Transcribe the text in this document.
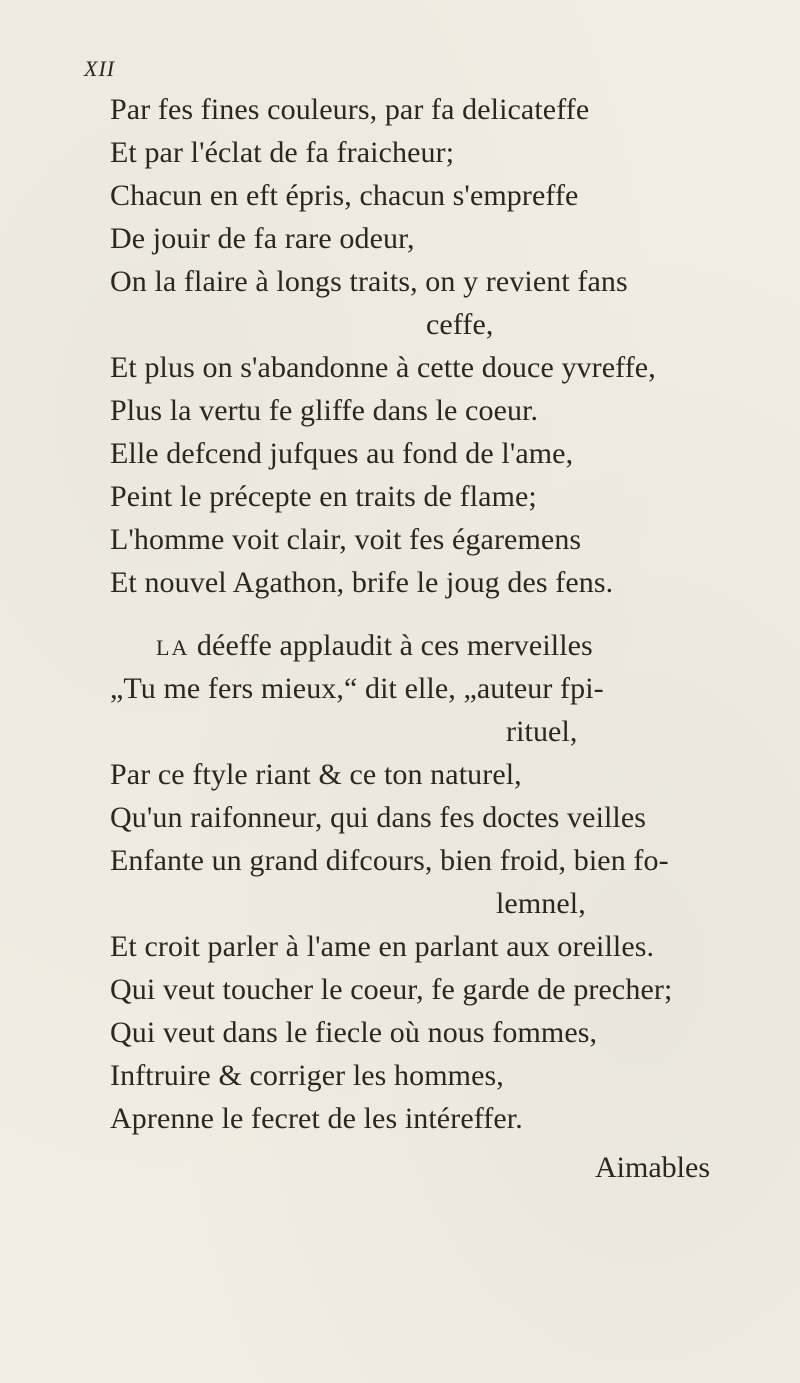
XII
Par fes fines couleurs, par fa delicateffe
Et par l'éclat de fa fraicheur;
Chacun en eft épris, chacun s'empreffe
De jouir de fa rare odeur,
On la flaire à longs traits, on y revient fans
ceffe,
Et plus on s'abandonne à cette douce yvreffe,
Plus la vertu fe gliffe dans le coeur.
Elle defcend jufques au fond de l'ame,
Peint le précepte en traits de flame;
L'homme voit clair, voit fes égaremens
Et nouvel Agathon, brife le joug des fens.
LA déeffe applaudit à ces merveilles
„Tu me fers mieux,“ dit elle, „auteur fpi-
rituel,
Par ce ftyle riant & ce ton naturel,
Qu'un raifonneur, qui dans fes doctes veilles
Enfante un grand difcours, bien froid, bien fo-
lemnel,
Et croit parler à l'ame en parlant aux oreilles.
Qui veut toucher le coeur, fe garde de precher;
Qui veut dans le fiecle où nous fommes,
Inftruire & corriger les hommes,
Aprenne le fecret de les intéreffer.
Aimables
